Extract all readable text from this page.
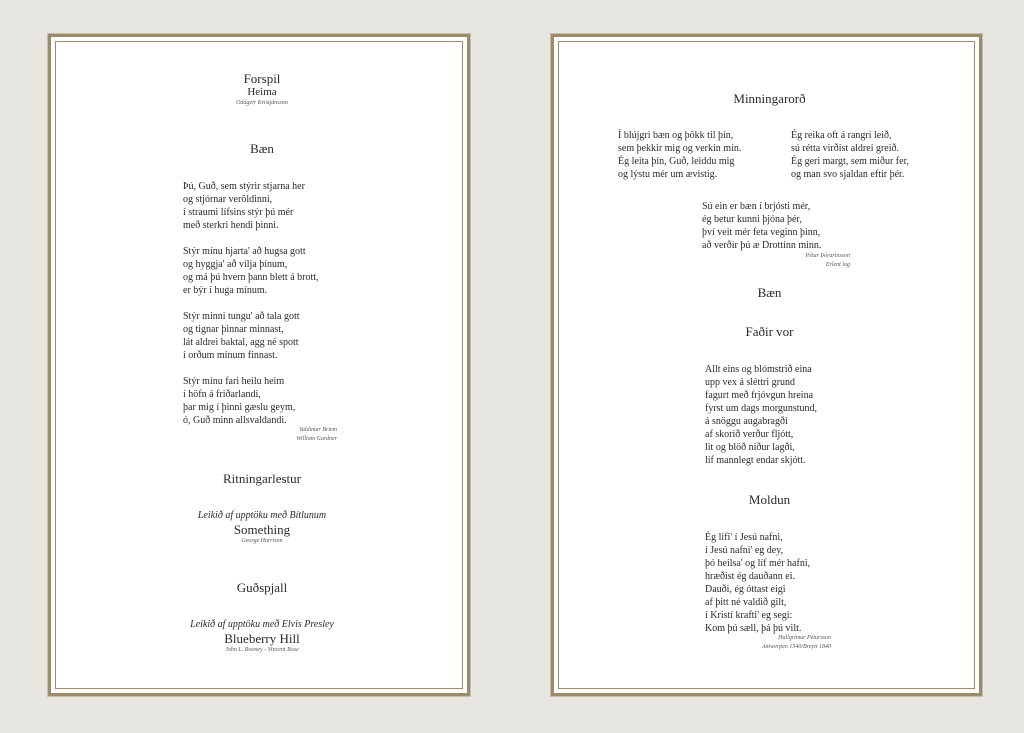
Forspil
Heima
Oddgeir Kristjánsson
Bæn
Þú, Guð, sem stýrir stjarna her
og stjórnar veröldinni,
í straumi lífsins stýr þú mér
með sterkri hendi þinni.
Stýr mínu hjarta' að hugsa gott
og hyggja' að vilja þínum,
og má þú hvern þann blett á brott,
er býr í huga mínum.
Stýr minni tungu' að tala gott
og tignar þinnar minnast,
lát aldrei baktal, agg né spott
í orðum mínum finnast.
Stýr mínu fari heilu heim
í höfn á friðarlandi,
þar mig í þinni gæslu geym,
ó, Guð minn allsvaldandi.
Valdimar Briem
William Gardner
Ritningarlestur
Leikið af upptöku með Bítlunum
Something
George Harrison
Guðspjall
Leikið af upptöku með Elvis Presley
Blueberry Hill
John L. Rooney - Vincent Rose
Minningarorð
Í blújgri bæn og þökk til þín,
sem þekkir mig og verkin mín.
Ég leita þín, Guð, leiddu mig
og lýstu mér um ævistig.
Ég reika oft á rangri leið,
sú rétta virðist aldrei greið.
Ég geri margt, sem miður fer,
og man svo sjaldan eftir þér.
Sú ein er bæn í brjósti mér,
ég betur kunni þjóna þér,
því veit mér feta veginn þinn,
að verðir þú æ Drottinn minn.
Pétur Þórarinsson
Erlent lag
Bæn
Faðir vor
Allt eins og blómstrið eina
upp vex á sléttri grund
fagurt með frjóvgun hreina
fyrst um dags morgunstund,
á snöggu augabragði
af skorið verður fljótt,
lit og blöð niður lagði,
líf mannlegt endar skjótt.
Moldun
Ég lifi' í Jesú nafni,
í Jesú nafni' eg dey,
þó heilsa' og líf mér hafni,
hræðist ég dauðann ei.
Dauði, ég óttast eigi
af þitt né valdið gilt,
í Kristí krafti' eg segi:
Kom þú sæll, þá þú vilt.
Hallgrímur Pétursson
Antwerpen 1540/Breytt 1840
